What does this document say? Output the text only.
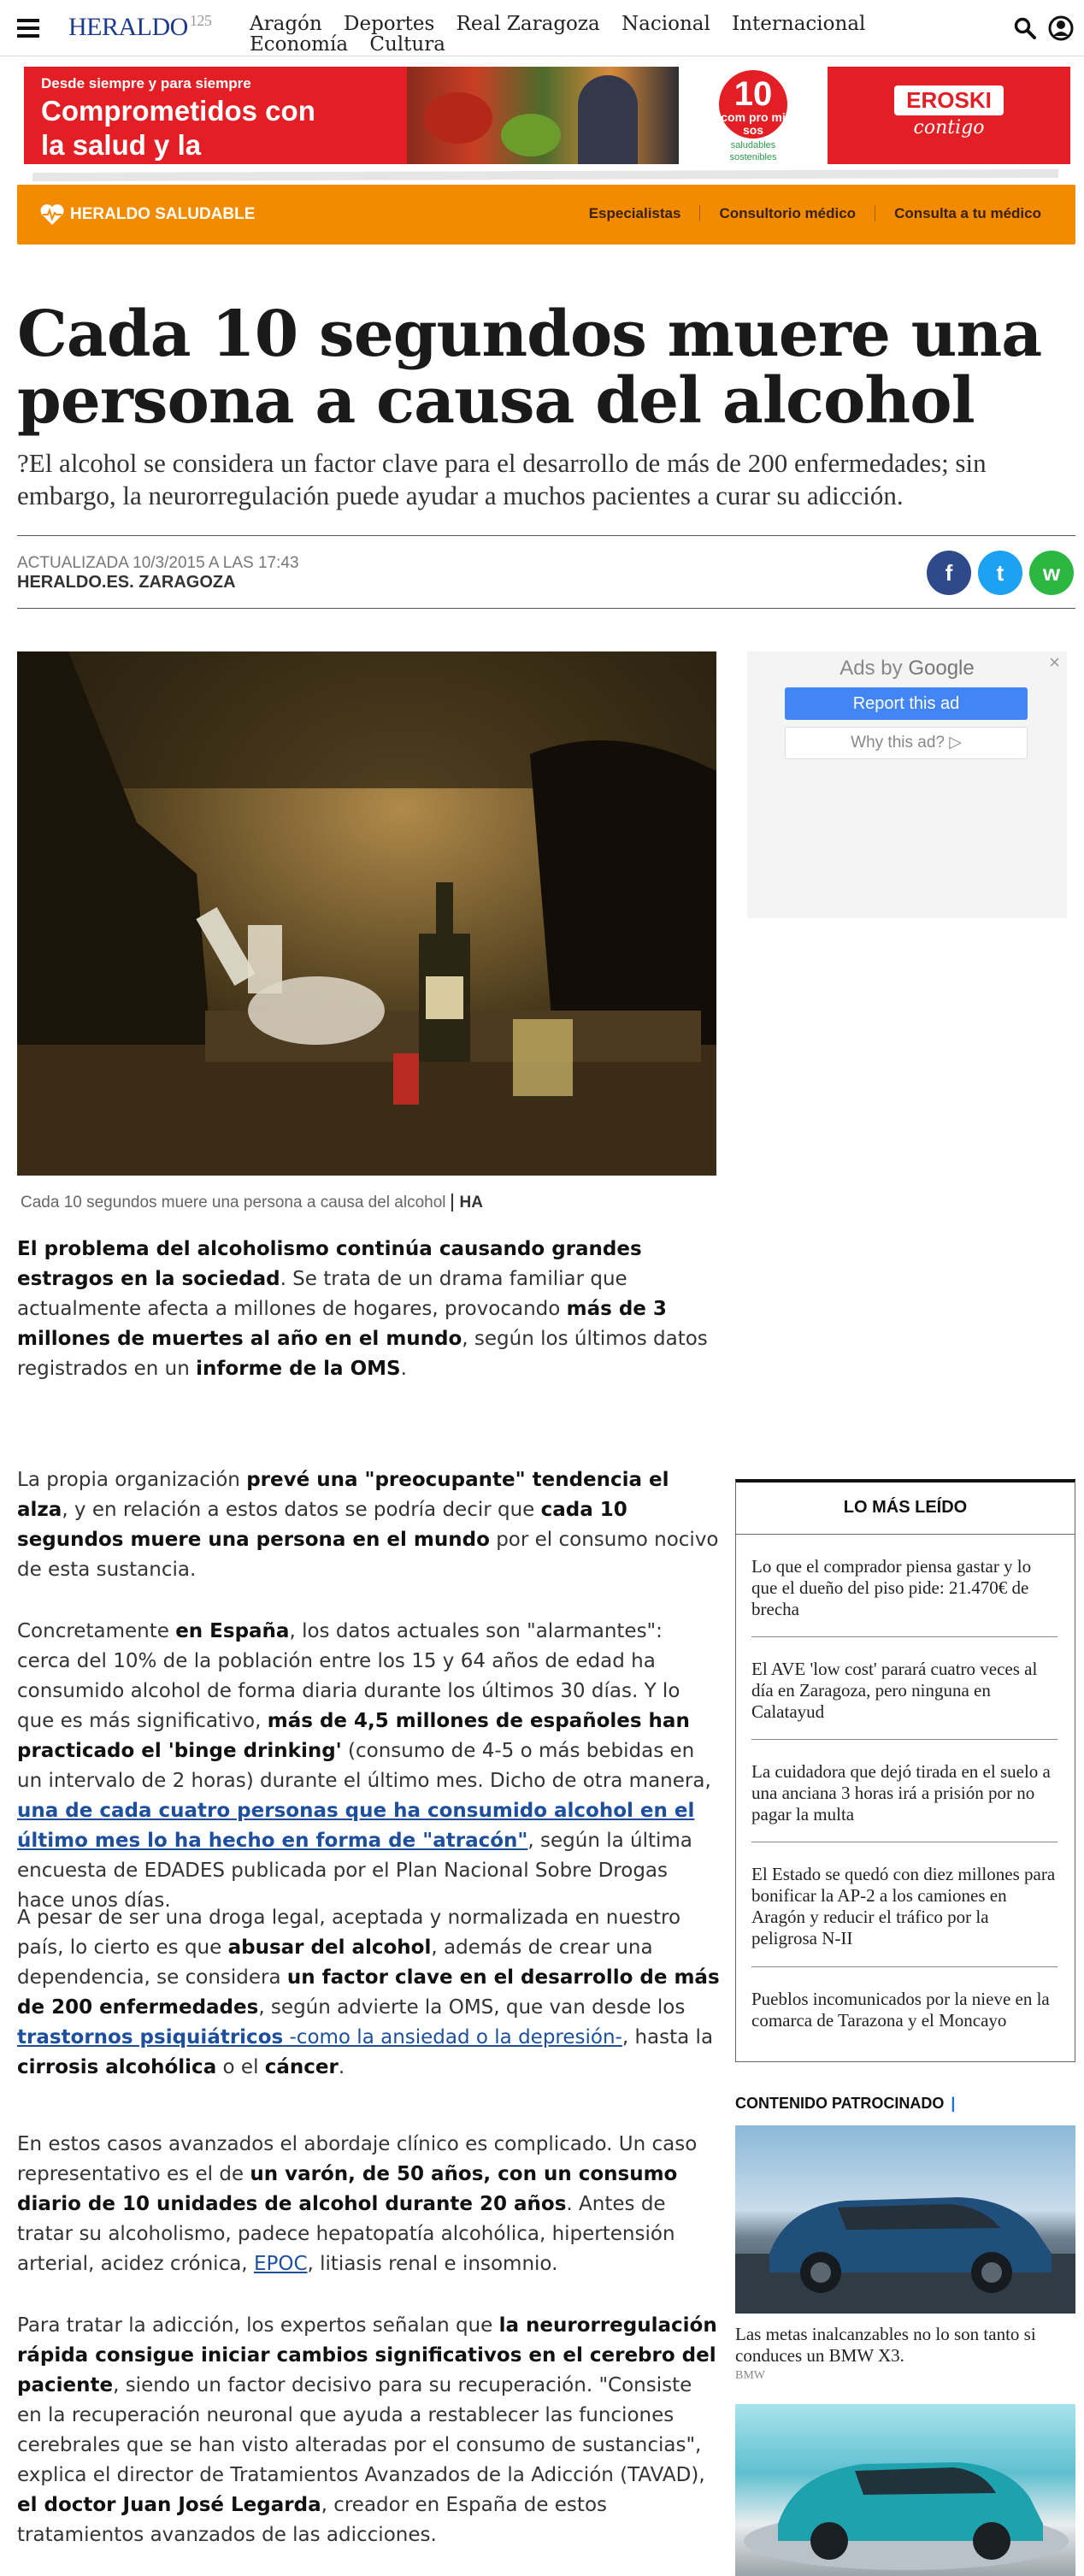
HERALDO $^{125}$ Aragón Deportes Real Zaragoza Nacional Internacional Economía Cultura
Desde siempre y para siempre
Comprometidos con
la salud y la
10
com pro mi sos
saludables
sostenibles
EROSKI
contigo
HERALDO SALUDABLE	Especialistas	Consultorio médico	Consulta a tu médico
Cada 10 segundos muere una persona a causa del alcohol

?El alcohol se considera un factor clave para el desarrollo de más de 200 enfermedades; sin embargo, la neurorregulación puede ayudar a muchos pacientes a curar su adicción.

ACTUALIZADA 10/3/2015 A LAS 17:43
HERALDO.ES. ZARAGOZA	f	t	w
Cada 10 segundos muere una persona a causa del alcohol HA
×
Ads by Google
Report this ad
Why this ad? ▷

El problema del alcoholismo continúa causando grandes estragos en la sociedad. Se trata de un drama familiar que actualmente afecta a millones de hogares, provocando más de 3 millones de muertes al año en el mundo, según los últimos datos registrados en un informe de la OMS.

La propia organización prevé una "preocupante" tendencia el alza, y en relación a estos datos se podría decir que cada 10 segundos muere una persona en el mundo por el consumo nocivo de esta sustancia.

Concretamente en España, los datos actuales son "alarmantes": cerca del 10% de la población entre los 15 y 64 años de edad ha consumido alcohol de forma diaria durante los últimos 30 días. Y lo que es más significativo, más de 4,5 millones de españoles han practicado el 'binge drinking' (consumo de 4-5 o más bebidas en un intervalo de 2 horas) durante el último mes. Dicho de otra manera, una de cada cuatro personas que ha consumido alcohol en el último mes lo ha hecho en forma de "atracón", según la última encuesta de EDADES publicada por el Plan Nacional Sobre Drogas hace unos días.

A pesar de ser una droga legal, aceptada y normalizada en nuestro país, lo cierto es que abusar del alcohol, además de crear una dependencia, se considera un factor clave en el desarrollo de más de 200 enfermedades, según advierte la OMS, que van desde los trastornos psiquiátricos -como la ansiedad o la depresión-, hasta la cirrosis alcohólica o el cáncer.

En estos casos avanzados el abordaje clínico es complicado. Un caso representativo es el de un varón, de 50 años, con un consumo diario de 10 unidades de alcohol durante 20 años. Antes de tratar su alcoholismo, padece hepatopatía alcohólica, hipertensión arterial, acidez crónica, EPOC, litiasis renal e insomnio.

Para tratar la adicción, los expertos señalan que la neurorregulación rápida consigue iniciar cambios significativos en el cerebro del paciente, siendo un factor decisivo para su recuperación. "Consiste en la recuperación neuronal que ayuda a restablecer las funciones cerebrales que se han visto alteradas por el consumo de sustancias", explica el director de Tratamientos Avanzados de la Adicción (TAVAD), el doctor Juan José Legarda, creador en España de estos tratamientos avanzados de las adicciones.

LO MÁS LEÍDO
Lo que el comprador piensa gastar y lo que el dueño del piso pide: 21.470€ de brecha
El AVE 'low cost' parará cuatro veces al día en Zaragoza, pero ninguna en Calatayud
La cuidadora que dejó tirada en el suelo a una anciana 3 horas irá a prisión por no pagar la multa
El Estado se quedó con diez millones para bonificar la AP-2 a los camiones en Aragón y reducir el tráfico por la peligrosa N-II
Pueblos incomunicados por la nieve en la comarca de Tarazona y el Moncayo
CONTENIDO PATROCINADO |
Las metas inalcanzables no lo son tanto si conduces un BMW X3.
BMW
